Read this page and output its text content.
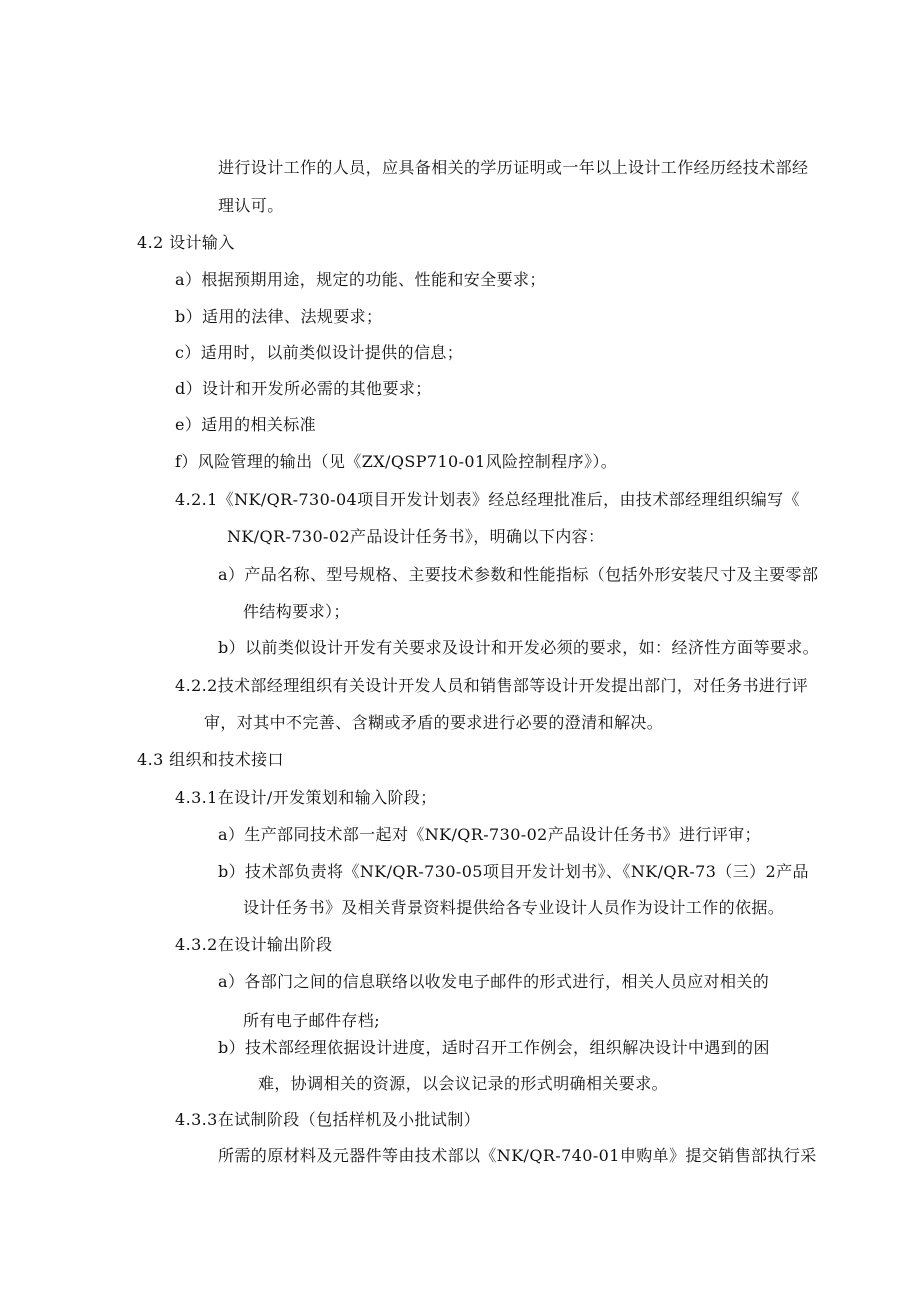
进行设计工作的人员，应具备相关的学历证明或一年以上设计工作经历经技术部经
理认可。
4.2 设计输入
a）根据预期用途，规定的功能、性能和安全要求；
b）适用的法律、法规要求；
c）适用时，以前类似设计提供的信息；
d）设计和开发所必需的其他要求；
e）适用的相关标准
f）风险管理的输出（见《ZX/QSP710-01风险控制程序》）。
4.2.1《NK/QR-730-04项目开发计划表》经总经理批准后，由技术部经理组织编写《
NK/QR-730-02产品设计任务书》，明确以下内容：
a）产品名称、型号规格、主要技术参数和性能指标（包括外形安装尺寸及主要零部
件结构要求）；
b）以前类似设计开发有关要求及设计和开发必须的要求，如：经济性方面等要求。
4.2.2技术部经理组织有关设计开发人员和销售部等设计开发提出部门，对任务书进行评
审，对其中不完善、含糊或矛盾的要求进行必要的澄清和解决。
4.3 组织和技术接口
4.3.1在设计/开发策划和输入阶段；
a）生产部同技术部一起对《NK/QR-730-02产品设计任务书》进行评审；
b）技术部负责将《NK/QR-730-05项目开发计划书》、《NK/QR-73（三）2产品
设计任务书》及相关背景资料提供给各专业设计人员作为设计工作的依据。
4.3.2在设计输出阶段
a）各部门之间的信息联络以收发电子邮件的形式进行，相关人员应对相关的
所有电子邮件存档;
b）技术部经理依据设计进度，适时召开工作例会，组织解决设计中遇到的困
难，协调相关的资源，以会议记录的形式明确相关要求。
4.3.3在试制阶段（包括样机及小批试制）
所需的原材料及元器件等由技术部以《NK/QR-740-01申购单》提交销售部执行采
